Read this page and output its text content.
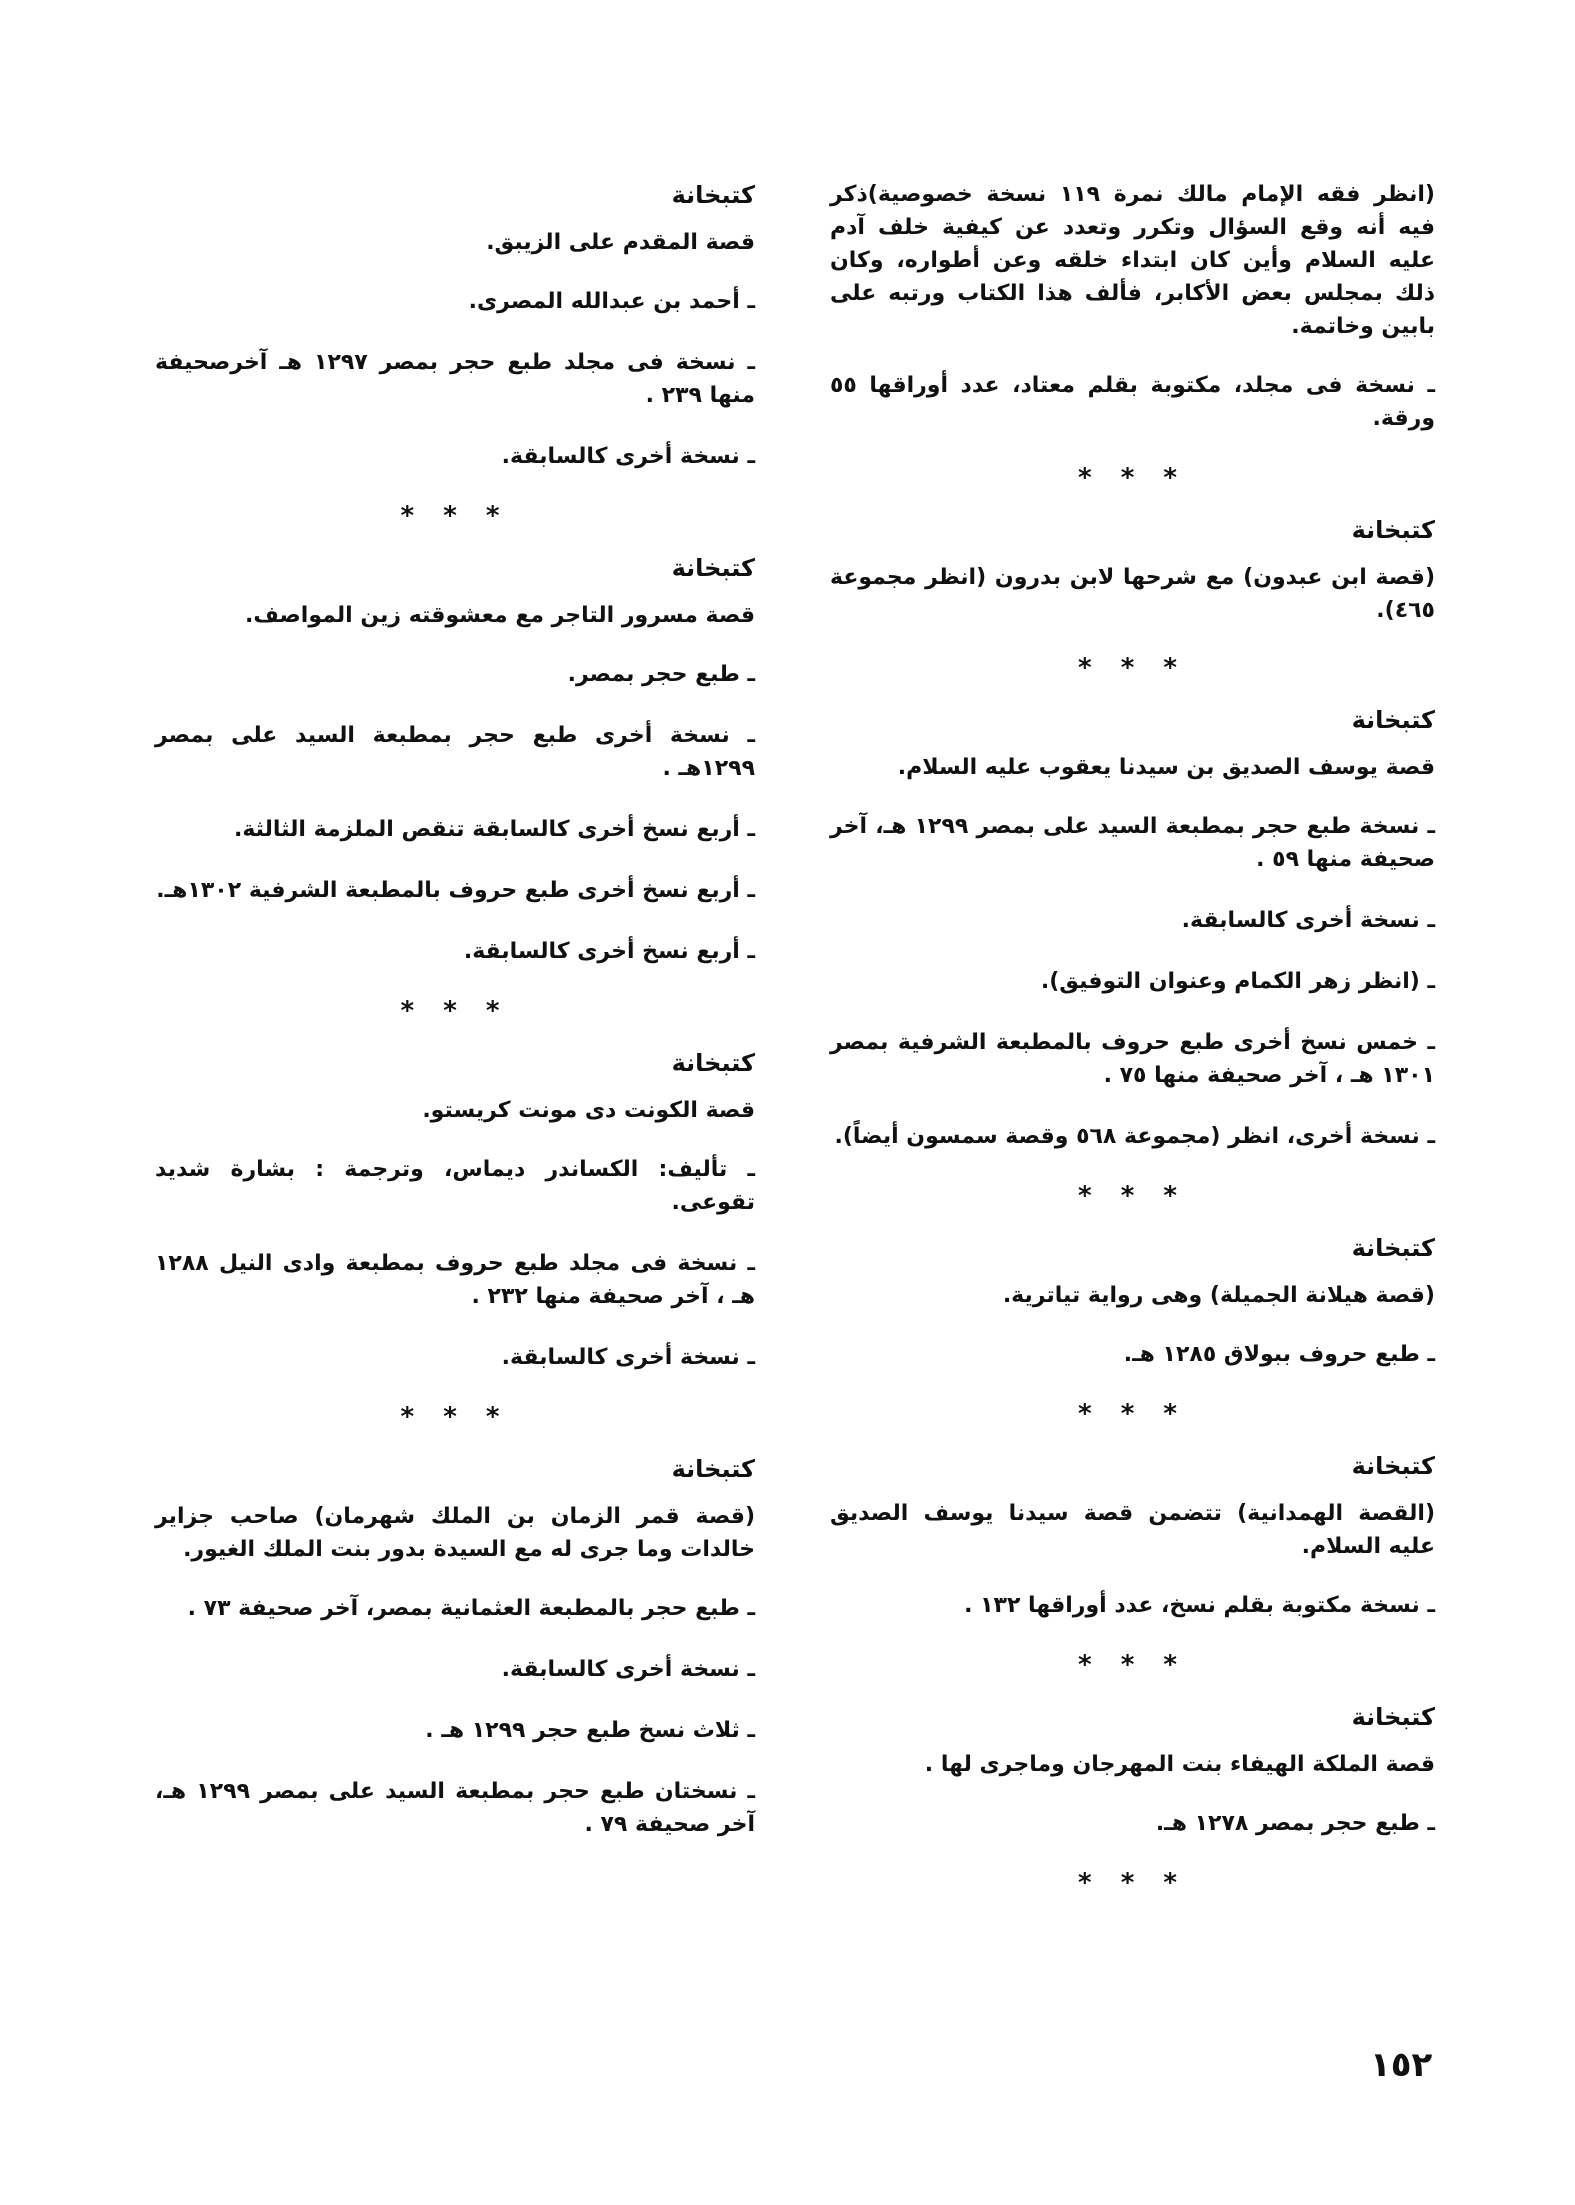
(انظر فقه الإمام مالك نمرة ١١٩ نسخة خصوصية)ذكر فيه أنه وقع السؤال وتكرر وتعدد عن كيفية خلف آدم عليه السلام وأين كان ابتداء خلقه وعن أطواره، وكان ذلك بمجلس بعض الأكابر، فألف هذا الكتاب ورتبه على بابين وخاتمة.

ـ نسخة فى مجلد، مكتوبة بقلم معتاد، عدد أوراقها ٥٥ ورقة.

* * *
كتبخانة

(قصة ابن عبدون) مع شرحها لابن بدرون (انظر مجموعة ٤٦٥).

* * *
كتبخانة

قصة يوسف الصديق بن سيدنا يعقوب عليه السلام.

ـ نسخة طبع حجر بمطبعة السيد على بمصر ١٢٩٩ هـ، آخر صحيفة منها ٥٩ .

ـ نسخة أخرى كالسابقة.

ـ (انظر زهر الكمام وعنوان التوفيق).

ـ خمس نسخ أخرى طبع حروف بالمطبعة الشرفية بمصر ١٣٠١ هـ ، آخر صحيفة منها ٧٥ .

ـ نسخة أخرى، انظر (مجموعة ٥٦٨ وقصة سمسون أيضاً).

* * *
كتبخانة

(قصة هيلانة الجميلة) وهى رواية تياترية.

ـ طبع حروف ببولاق ١٢٨٥ هـ.

* * *
كتبخانة

(القصة الهمدانية) تتضمن قصة سيدنا يوسف الصديق عليه السلام.

ـ نسخة مكتوبة بقلم نسخ، عدد أوراقها ١٣٢ .

* * *
كتبخانة

قصة الملكة الهيفاء بنت المهرجان وماجرى لها .

ـ طبع حجر بمصر ١٢٧٨ هـ.

* * *
كتبخانة

قصة المقدم على الزيبق.

ـ أحمد بن عبدالله المصرى.

ـ نسخة فى مجلد طبع حجر بمصر ١٢٩٧ هـ آخرصحيفة منها ٢٣٩ .

ـ نسخة أخرى كالسابقة.

* * *
كتبخانة

قصة مسرور التاجر مع معشوقته زين المواصف.

ـ طبع حجر بمصر.

ـ نسخة أخرى طبع حجر بمطبعة السيد على بمصر ١٢٩٩هـ .

ـ أربع نسخ أخرى كالسابقة تنقص الملزمة الثالثة.

ـ أربع نسخ أخرى طبع حروف بالمطبعة الشرفية ١٣٠٢هـ.

ـ أربع نسخ أخرى كالسابقة.

* * *
كتبخانة

قصة الكونت دى مونت كريستو.

ـ تأليف: الكساندر ديماس، وترجمة : بشارة شديد تقوعى.

ـ نسخة فى مجلد طبع حروف بمطبعة وادى النيل ١٢٨٨ هـ ، آخر صحيفة منها ٢٣٢ .

ـ نسخة أخرى كالسابقة.

* * *
كتبخانة

(قصة قمر الزمان بن الملك شهرمان) صاحب جزاير خالدات وما جرى له مع السيدة بدور بنت الملك الغيور.

ـ طبع حجر بالمطبعة العثمانية بمصر، آخر صحيفة ٧٣ .

ـ نسخة أخرى كالسابقة.

ـ ثلاث نسخ طبع حجر ١٢٩٩ هـ .

ـ نسختان طبع حجر بمطبعة السيد على بمصر ١٢٩٩ هـ، آخر صحيفة ٧٩ .

١٥٢
